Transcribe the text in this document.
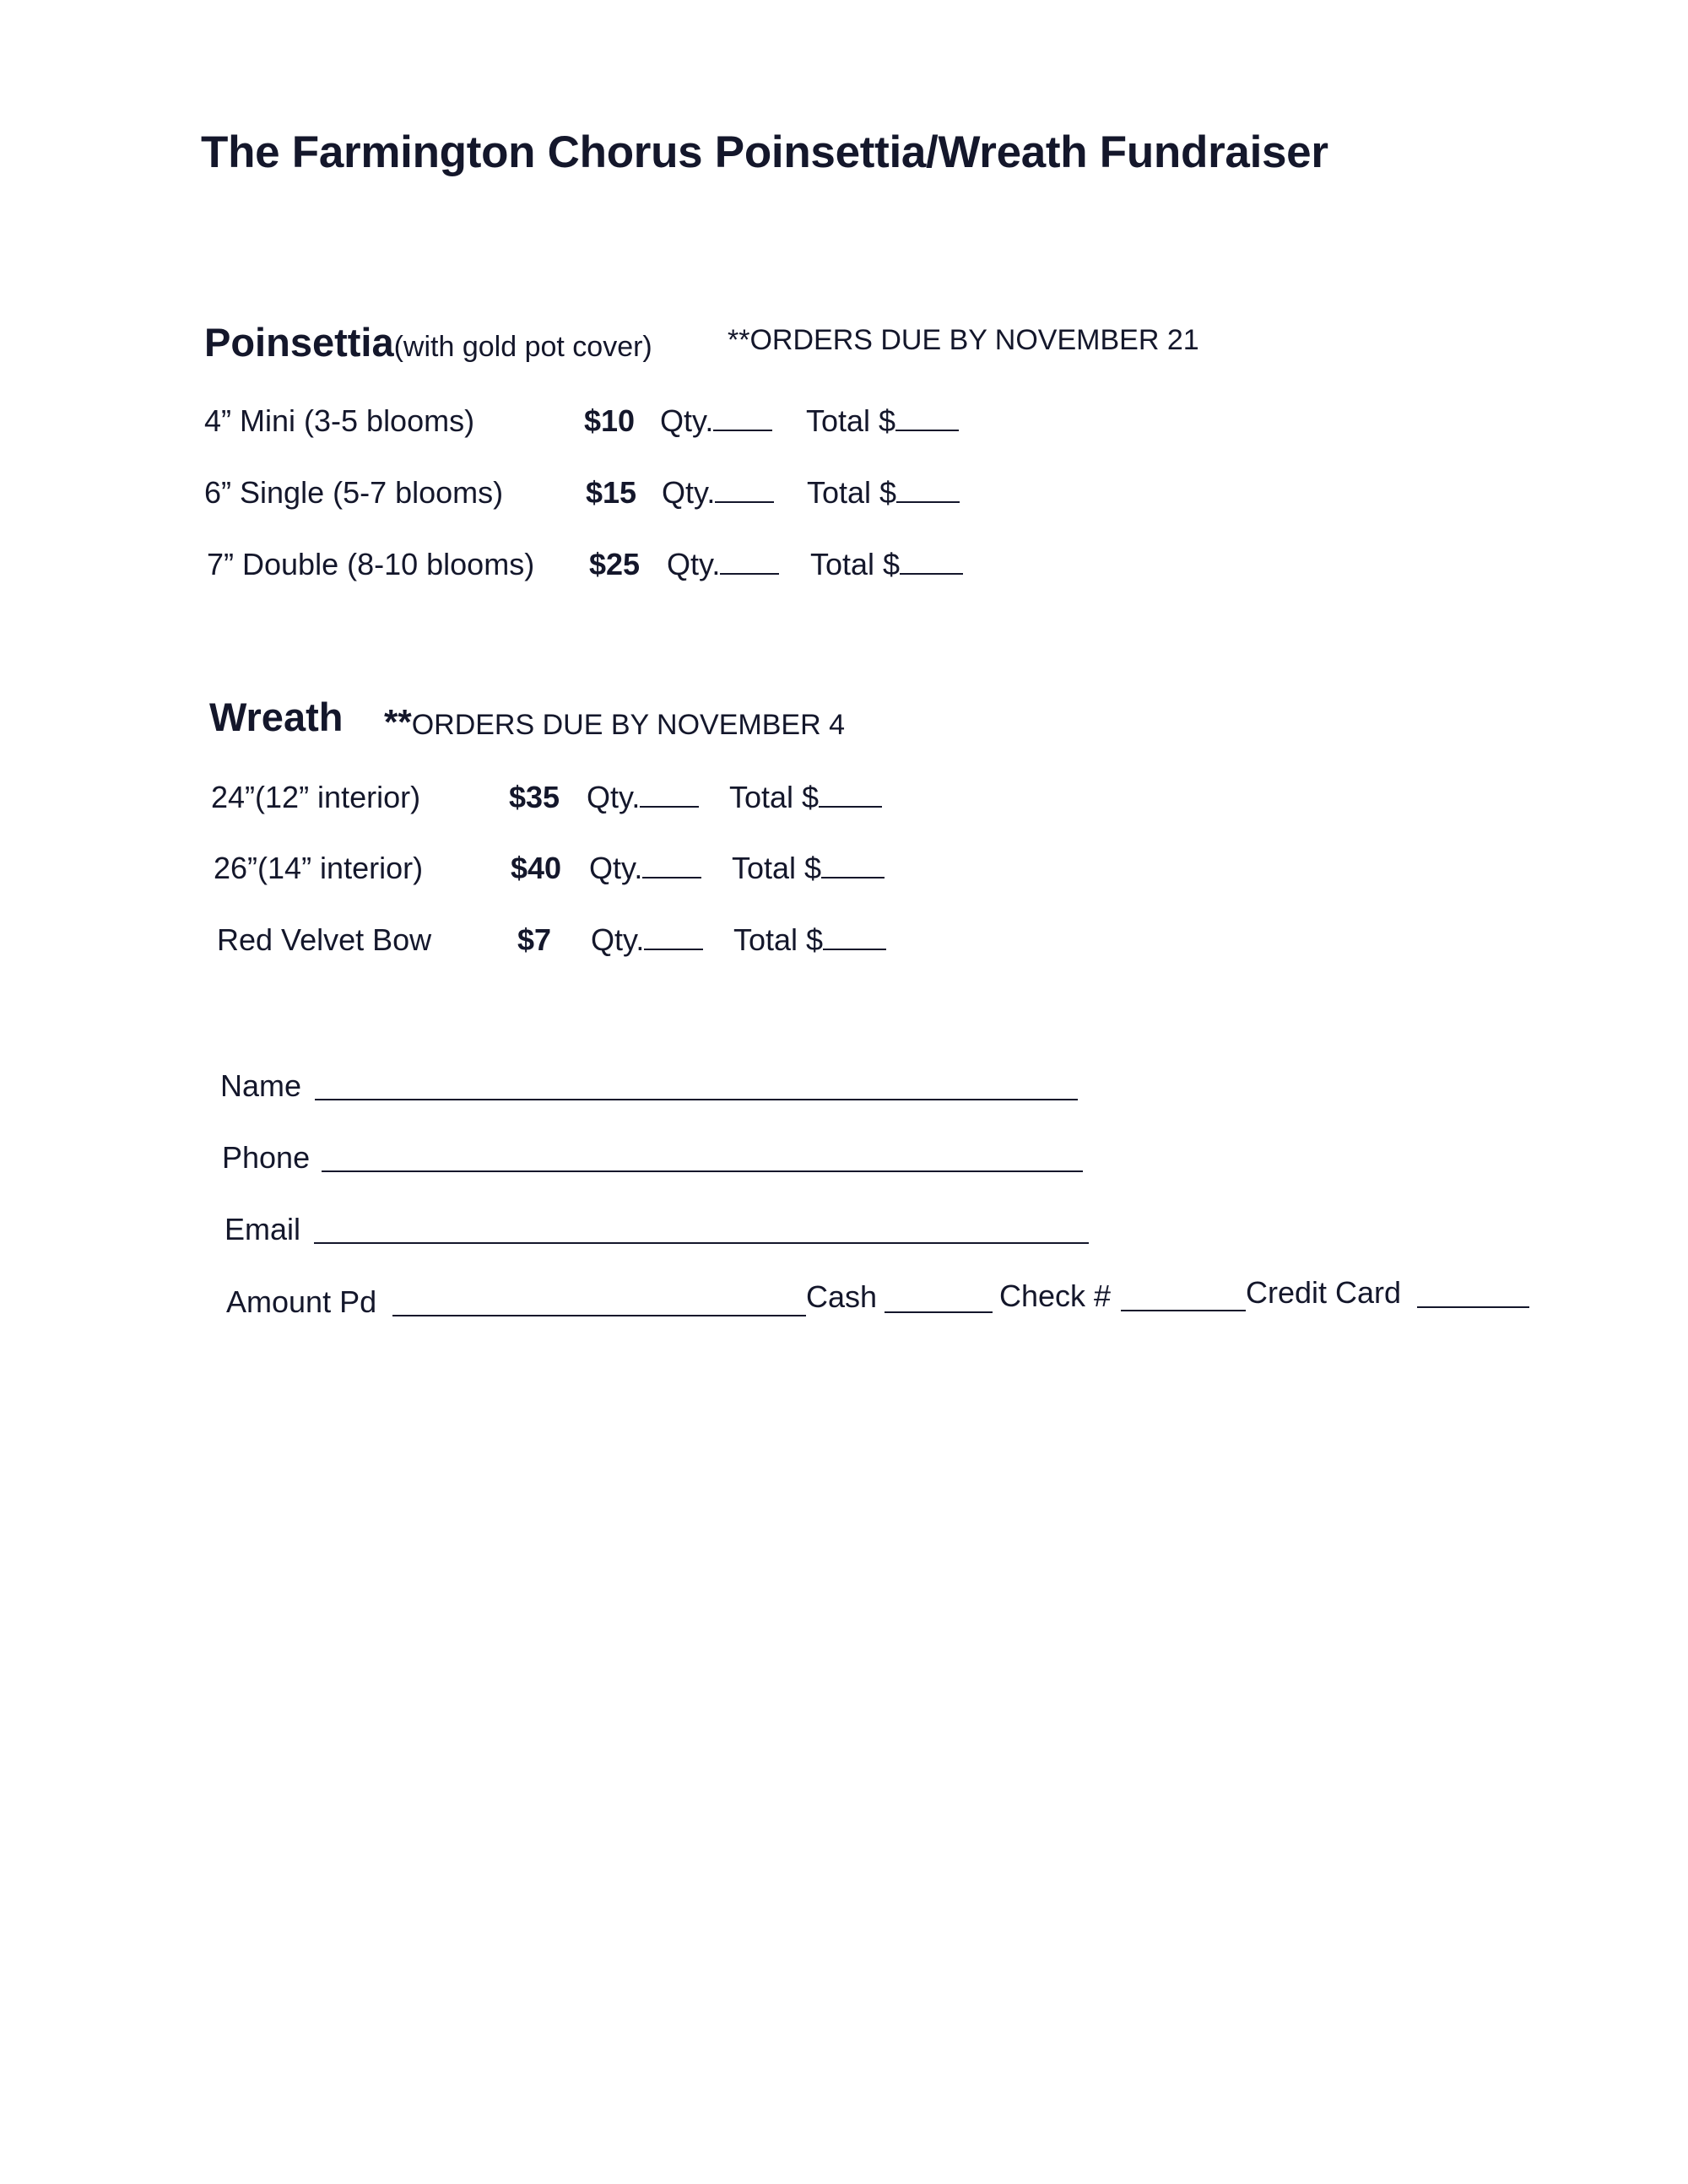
The Farmington Chorus Poinsettia/Wreath Fundraiser
Poinsettia(with gold pot cover)	**ORDERS DUE BY NOVEMBER 21
4” Mini (3-5 blooms)	$10 Qty.	Total $
6” Single (5-7 blooms)	$15 Qty.	Total $
7” Double (8-10 blooms) $25 Qty.	Total $
Wreath **ORDERS DUE BY NOVEMBER 4
24”(12” interior)	$35 Qty.	Total $
26”(14” interior)	$40 Qty.	Total $
Red Velvet Bow	$7 Qty.	Total $
Name
Phone
Email
Amount Pd	Cash	Check #	Credit Card
